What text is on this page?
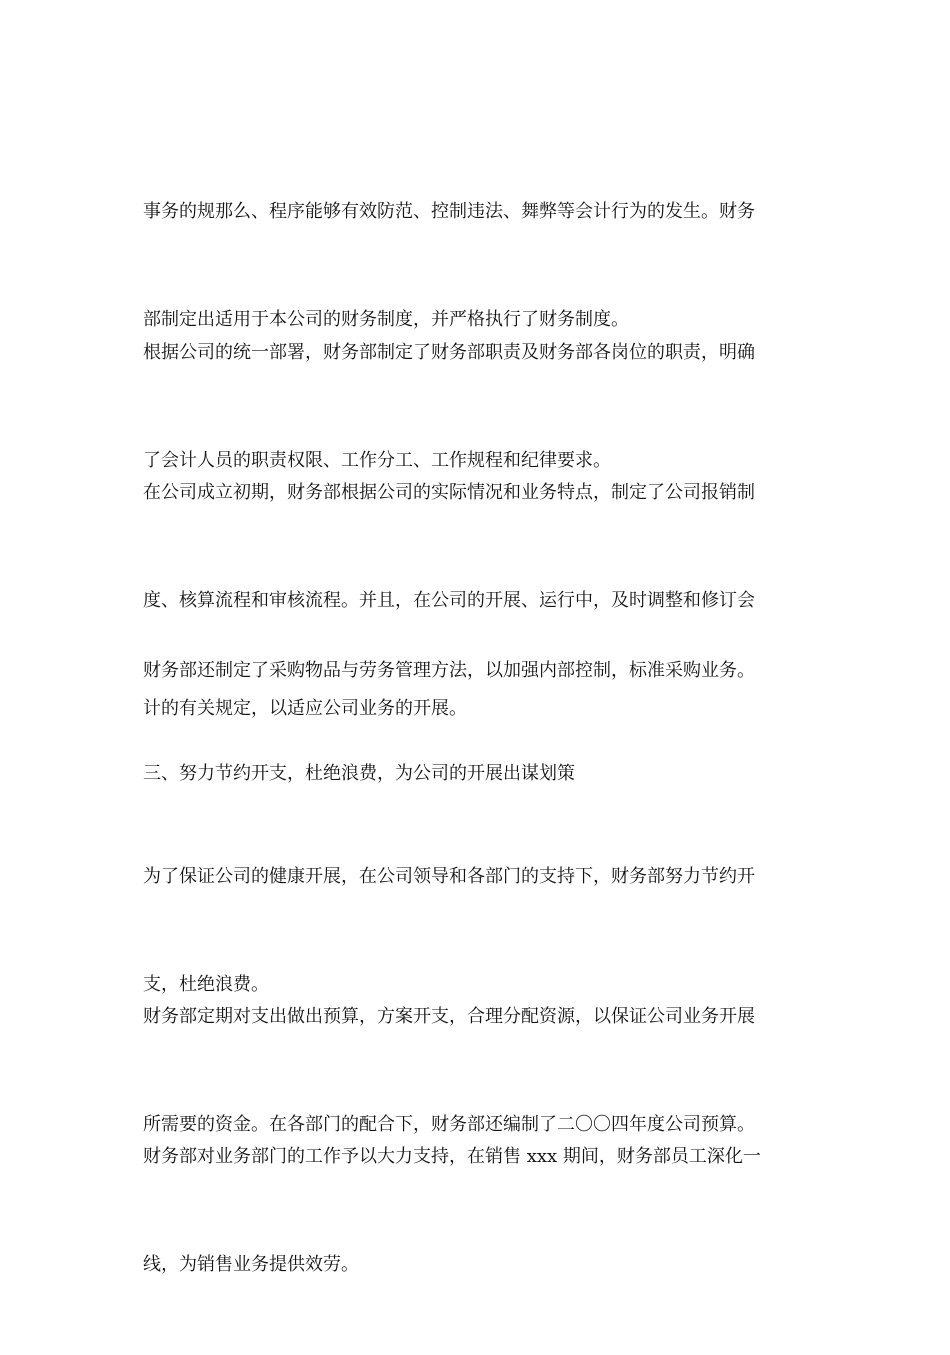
事务的规那么、程序能够有效防范、控制违法、舞弊等会计行为的发生。财务

部制定出适用于本公司的财务制度，并严格执行了财务制度。

根据公司的统一部署，财务部制定了财务部职责及财务部各岗位的职责，明确

了会计人员的职责权限、工作分工、工作规程和纪律要求。

在公司成立初期，财务部根据公司的实际情况和业务特点，制定了公司报销制

度、核算流程和审核流程。并且，在公司的开展、运行中，及时调整和修订会

计的有关规定，以适应公司业务的开展。

财务部还制定了采购物品与劳务管理方法，以加强内部控制，标准采购业务。

三、努力节约开支，杜绝浪费，为公司的开展出谋划策

为了保证公司的健康开展，在公司领导和各部门的支持下，财务部努力节约开

支，杜绝浪费。

财务部定期对支出做出预算，方案开支，合理分配资源，以保证公司业务开展

所需要的资金。在各部门的配合下，财务部还编制了二〇〇四年度公司预算。

财务部对业务部门的工作予以大力支持，在销售 xxx 期间，财务部员工深化一

线，为销售业务提供效劳。
